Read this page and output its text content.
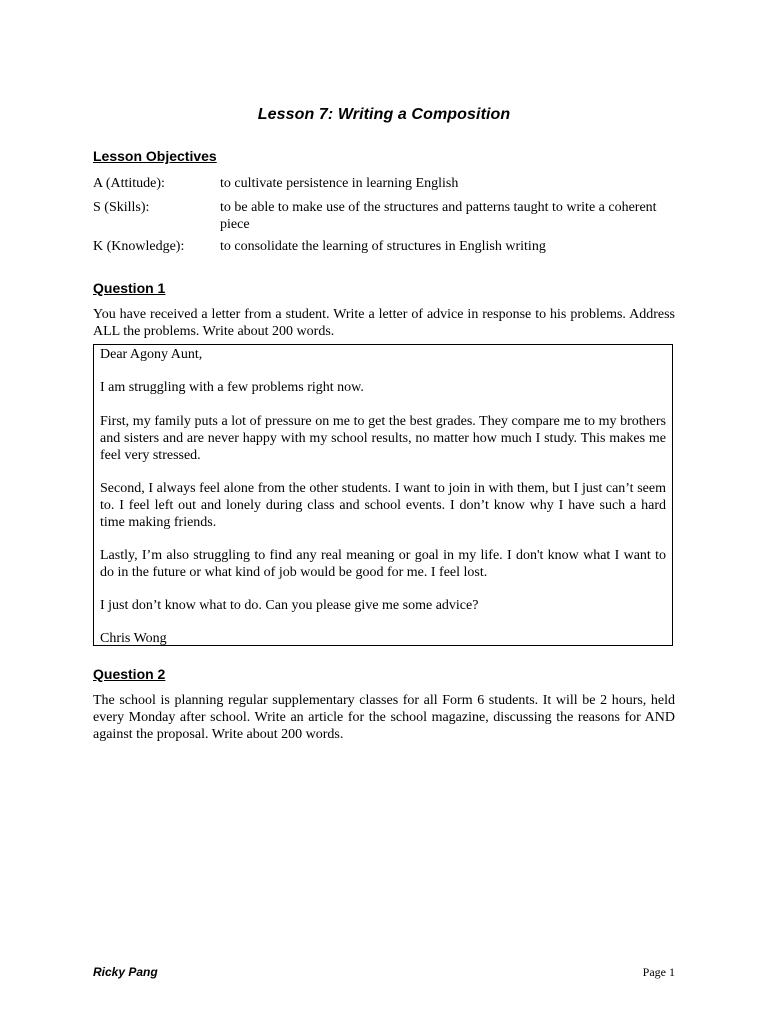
Lesson 7: Writing a Composition
Lesson Objectives
A (Attitude):	to cultivate persistence in learning English
S (Skills):	to be able to make use of the structures and patterns taught to write a coherent piece
K (Knowledge):	to consolidate the learning of structures in English writing
Question 1
You have received a letter from a student. Write a letter of advice in response to his problems. Address ALL the problems. Write about 200 words.
Dear Agony Aunt,
I am struggling with a few problems right now.
First, my family puts a lot of pressure on me to get the best grades. They compare me to my brothers and sisters and are never happy with my school results, no matter how much I study. This makes me feel very stressed.
Second, I always feel alone from the other students. I want to join in with them, but I just can’t seem to. I feel left out and lonely during class and school events. I don’t know why I have such a hard time making friends.
Lastly, I’m also struggling to find any real meaning or goal in my life. I don't know what I want to do in the future or what kind of job would be good for me. I feel lost.
I just don’t know what to do. Can you please give me some advice?
Chris Wong
Question 2
The school is planning regular supplementary classes for all Form 6 students. It will be 2 hours, held every Monday after school. Write an article for the school magazine, discussing the reasons for AND against the proposal. Write about 200 words.
Ricky Pang	Page 1
